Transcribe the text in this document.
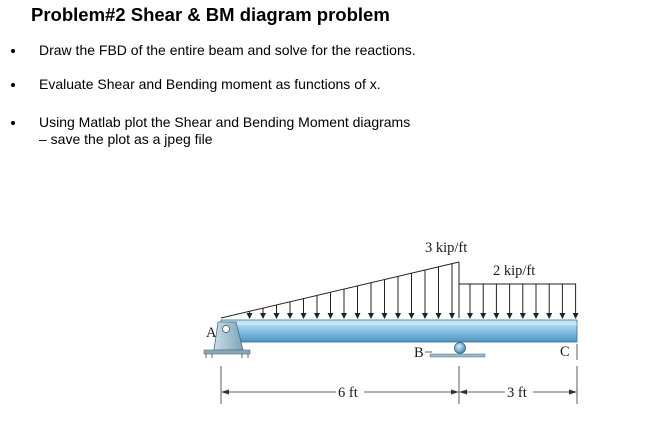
Problem#2 Shear & BM diagram problem
Draw the FBD of the entire beam and solve for the reactions.
Evaluate Shear and Bending moment as functions of x.
Using Matlab plot the Shear and Bending Moment diagrams – save the plot as a jpeg file
A
B	C
3 kip/ft
2 kip/ft
6 ft	3 ft
